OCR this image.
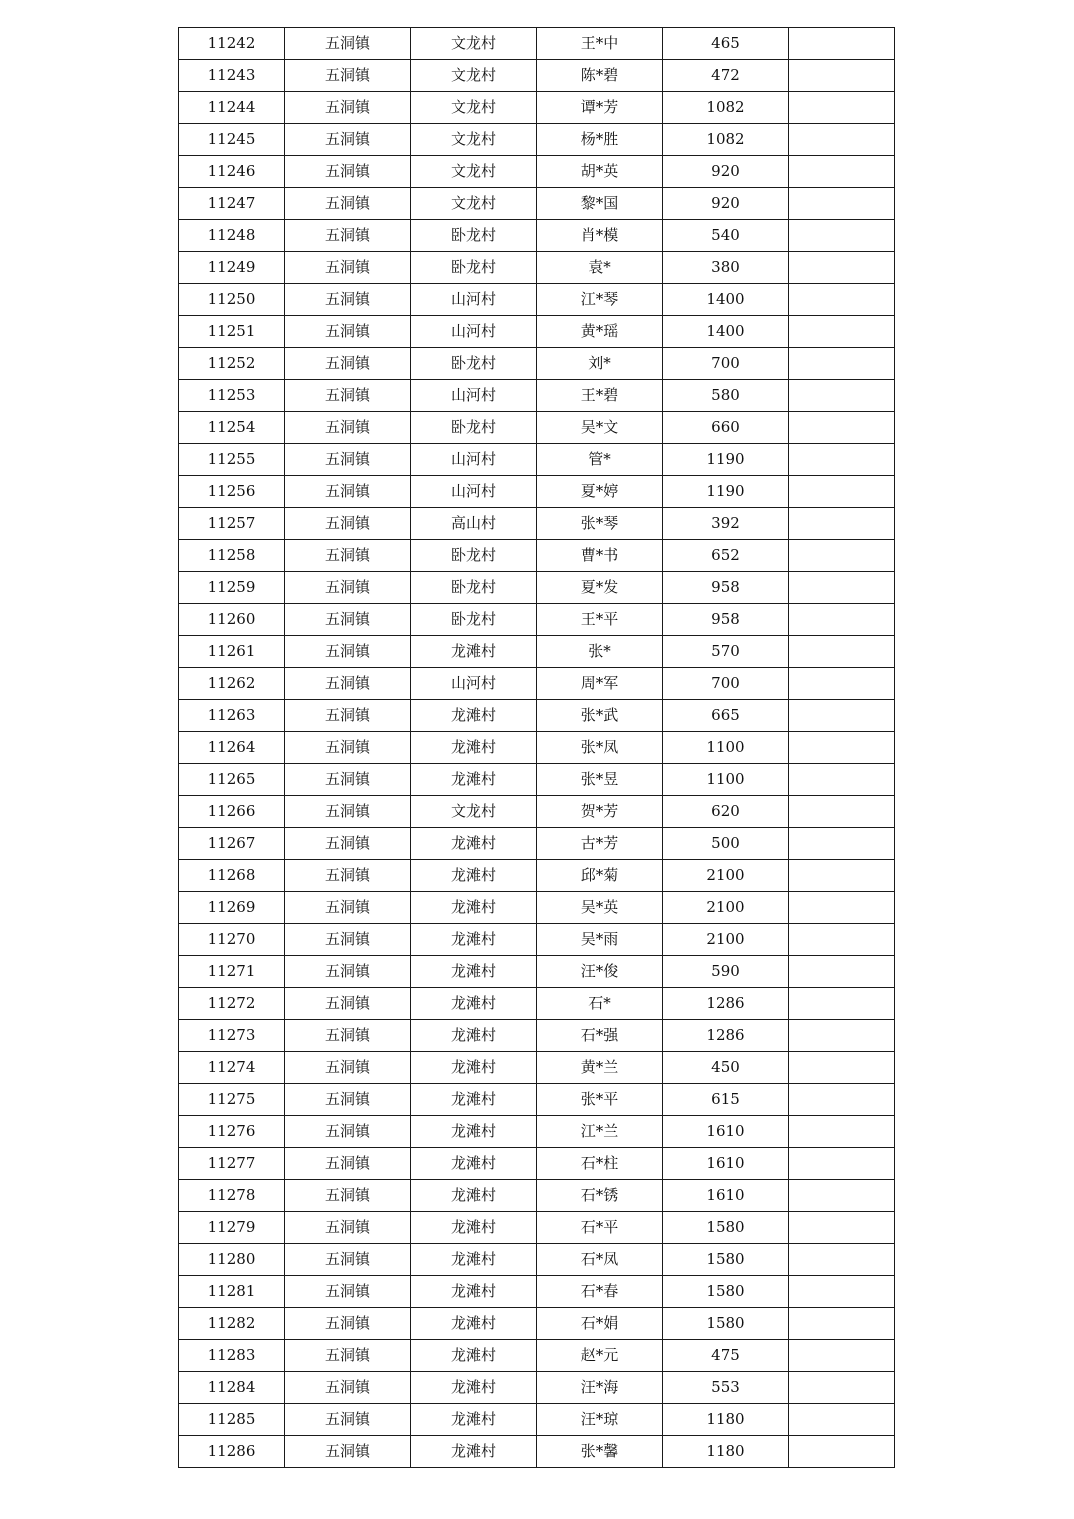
11242	五洞镇	文龙村	王*中	465	
11243	五洞镇	文龙村	陈*碧	472	
11244	五洞镇	文龙村	谭*芳	1082	
11245	五洞镇	文龙村	杨*胜	1082	
11246	五洞镇	文龙村	胡*英	920	
11247	五洞镇	文龙村	黎*国	920	
11248	五洞镇	卧龙村	肖*模	540	
11249	五洞镇	卧龙村	袁*	380	
11250	五洞镇	山河村	江*琴	1400	
11251	五洞镇	山河村	黄*瑶	1400	
11252	五洞镇	卧龙村	刘*	700	
11253	五洞镇	山河村	王*碧	580	
11254	五洞镇	卧龙村	吴*文	660	
11255	五洞镇	山河村	管*	1190	
11256	五洞镇	山河村	夏*婷	1190	
11257	五洞镇	高山村	张*琴	392	
11258	五洞镇	卧龙村	曹*书	652	
11259	五洞镇	卧龙村	夏*发	958	
11260	五洞镇	卧龙村	王*平	958	
11261	五洞镇	龙滩村	张*	570	
11262	五洞镇	山河村	周*军	700	
11263	五洞镇	龙滩村	张*武	665	
11264	五洞镇	龙滩村	张*凤	1100	
11265	五洞镇	龙滩村	张*昱	1100	
11266	五洞镇	文龙村	贺*芳	620	
11267	五洞镇	龙滩村	古*芳	500	
11268	五洞镇	龙滩村	邱*菊	2100	
11269	五洞镇	龙滩村	吴*英	2100	
11270	五洞镇	龙滩村	吴*雨	2100	
11271	五洞镇	龙滩村	汪*俊	590	
11272	五洞镇	龙滩村	石*	1286	
11273	五洞镇	龙滩村	石*强	1286	
11274	五洞镇	龙滩村	黄*兰	450	
11275	五洞镇	龙滩村	张*平	615	
11276	五洞镇	龙滩村	江*兰	1610	
11277	五洞镇	龙滩村	石*柱	1610	
11278	五洞镇	龙滩村	石*锈	1610	
11279	五洞镇	龙滩村	石*平	1580	
11280	五洞镇	龙滩村	石*凤	1580	
11281	五洞镇	龙滩村	石*春	1580	
11282	五洞镇	龙滩村	石*娟	1580	
11283	五洞镇	龙滩村	赵*元	475	
11284	五洞镇	龙滩村	汪*海	553	
11285	五洞镇	龙滩村	汪*琼	1180	
11286	五洞镇	龙滩村	张*馨	1180	
